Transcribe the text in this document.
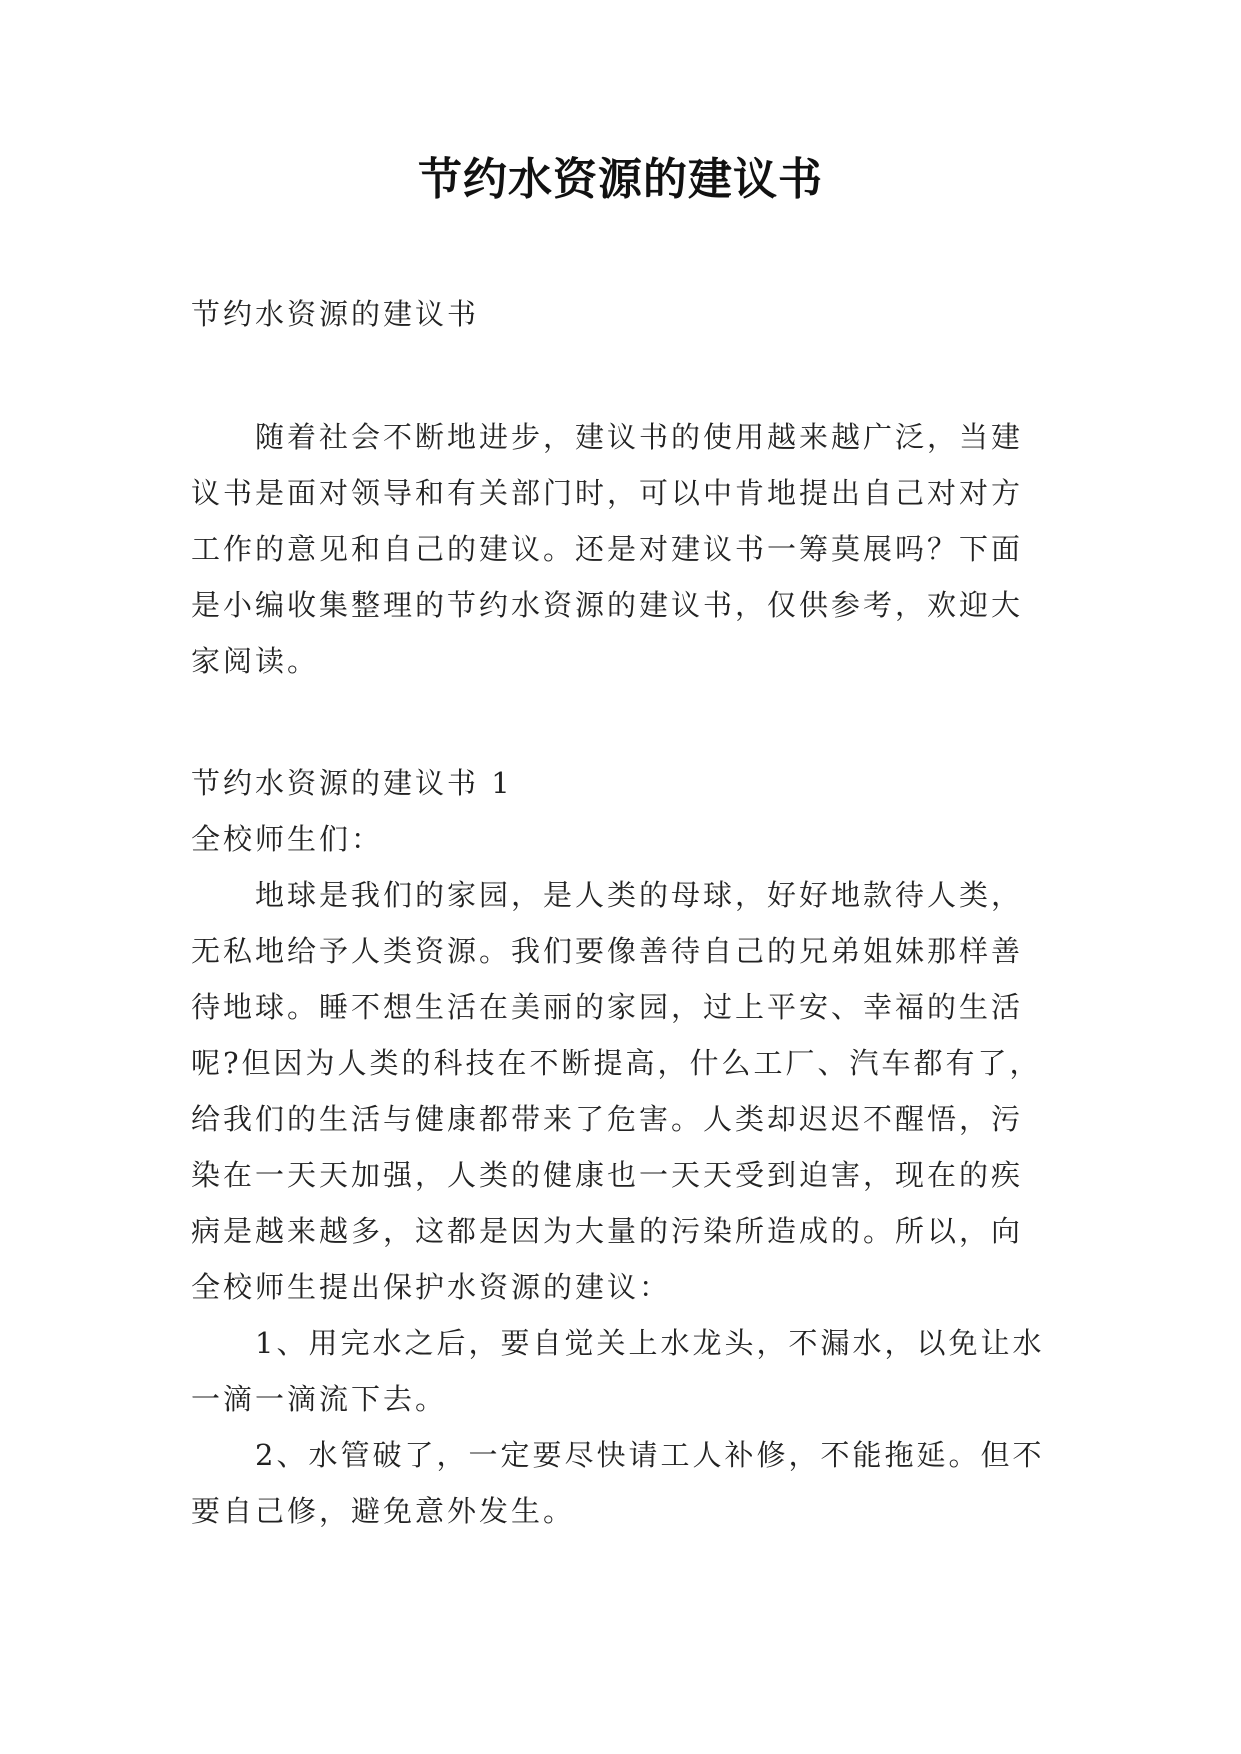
节约水资源的建议书

节约水资源的建议书

随着社会不断地进步，建议书的使用越来越广泛，当建议书是面对领导和有关部门时，可以中肯地提出自己对对方工作的意见和自己的建议。还是对建议书一筹莫展吗？下面是小编收集整理的节约水资源的建议书，仅供参考，欢迎大家阅读。

节约水资源的建议书 1

全校师生们：

地球是我们的家园，是人类的母球，好好地款待人类，无私地给予人类资源。我们要像善待自己的兄弟姐妹那样善待地球。睡不想生活在美丽的家园，过上平安、幸福的生活呢?但因为人类的科技在不断提高，什么工厂、汽车都有了，给我们的生活与健康都带来了危害。人类却迟迟不醒悟，污染在一天天加强，人类的健康也一天天受到迫害，现在的疾病是越来越多，这都是因为大量的污染所造成的。所以，向全校师生提出保护水资源的建议：

1、用完水之后，要自觉关上水龙头，不漏水，以免让水一滴一滴流下去。

2、水管破了，一定要尽快请工人补修，不能拖延。但不要自己修，避免意外发生。
